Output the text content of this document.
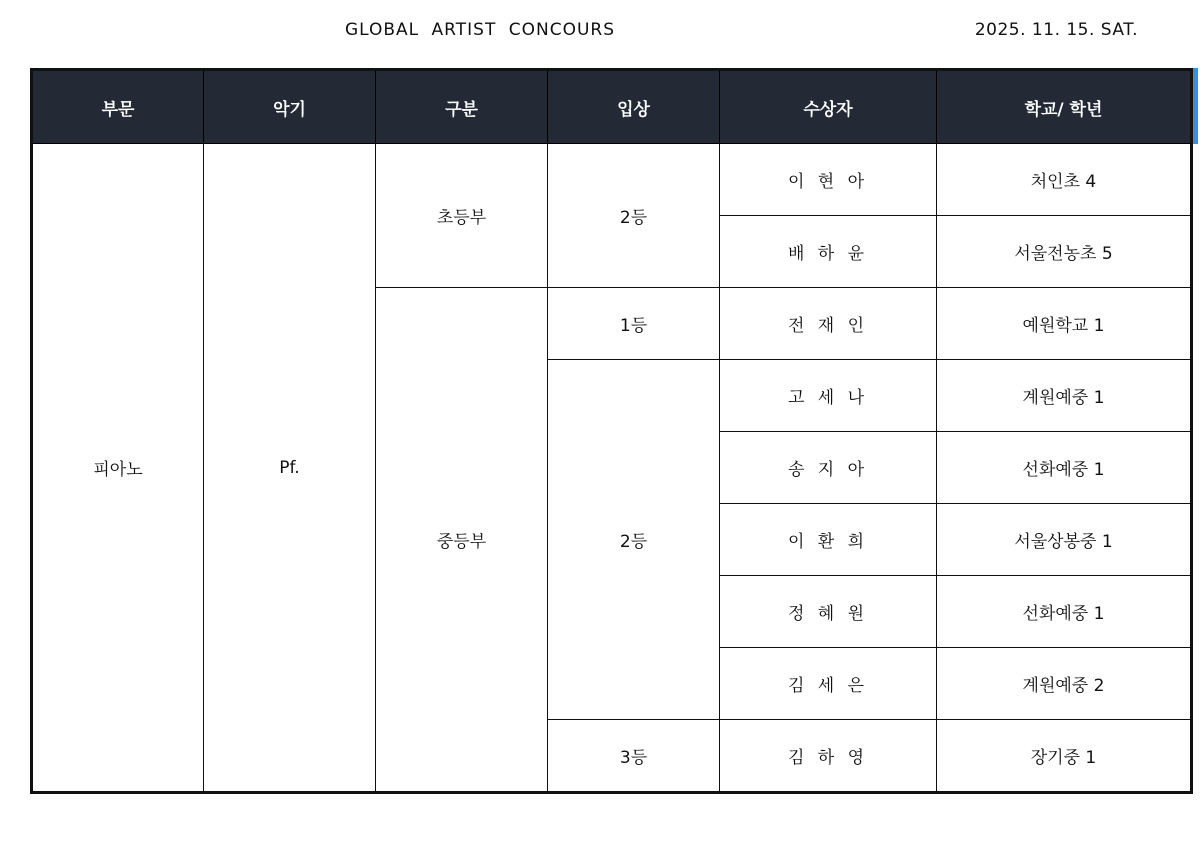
GLOBAL ARTIST CONCOURS	2025. 11. 15. SAT.
부문	악기	구분	입상	수상자	학교/ 학년
피아노	Pf.	초등부	2등	이 현 아	처인초 4
				배 하 윤	서울전농초 5
		중등부	1등	전 재 인	예원학교 1
			2등	고 세 나	계원예중 1
				송 지 아	선화예중 1
				이 환 희	서울상봉중 1
				정 혜 원	선화예중 1
				김 세 은	계원예중 2
			3등	김 하 영	장기중 1
